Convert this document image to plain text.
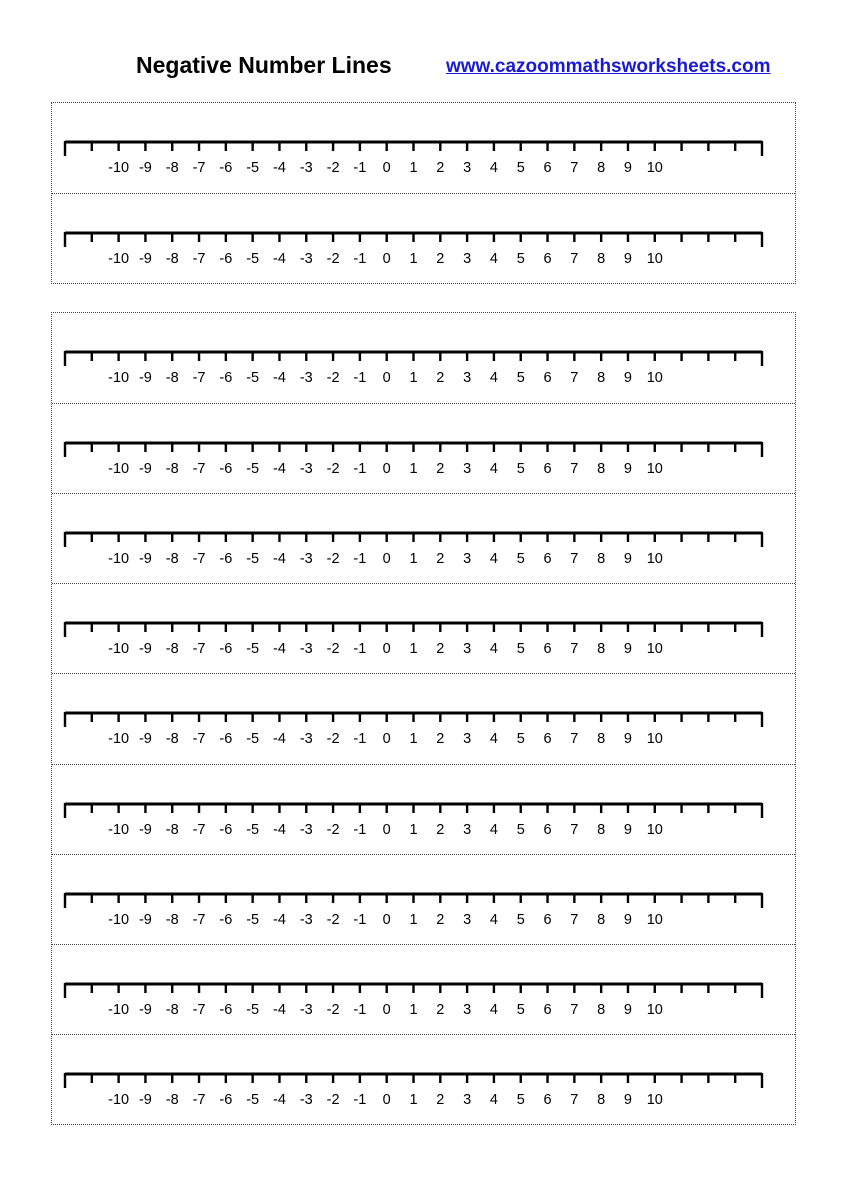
Negative Number Lines	www.cazoommathsworksheets.com
-10 -9 -8 -7 -6 -5 -4 -3 -2 -1 0 1 2 3 4 5 6 7 8 9 10
-10 -9 -8 -7 -6 -5 -4 -3 -2 -1 0 1 2 3 4 5 6 7 8 9 10
-10 -9 -8 -7 -6 -5 -4 -3 -2 -1 0 1 2 3 4 5 6 7 8 9 10
-10 -9 -8 -7 -6 -5 -4 -3 -2 -1 0 1 2 3 4 5 6 7 8 9 10
-10 -9 -8 -7 -6 -5 -4 -3 -2 -1 0 1 2 3 4 5 6 7 8 9 10
-10 -9 -8 -7 -6 -5 -4 -3 -2 -1 0 1 2 3 4 5 6 7 8 9 10
-10 -9 -8 -7 -6 -5 -4 -3 -2 -1 0 1 2 3 4 5 6 7 8 9 10
-10 -9 -8 -7 -6 -5 -4 -3 -2 -1 0 1 2 3 4 5 6 7 8 9 10
-10 -9 -8 -7 -6 -5 -4 -3 -2 -1 0 1 2 3 4 5 6 7 8 9 10
-10 -9 -8 -7 -6 -5 -4 -3 -2 -1 0 1 2 3 4 5 6 7 8 9 10
-10 -9 -8 -7 -6 -5 -4 -3 -2 -1 0 1 2 3 4 5 6 7 8 9 10
